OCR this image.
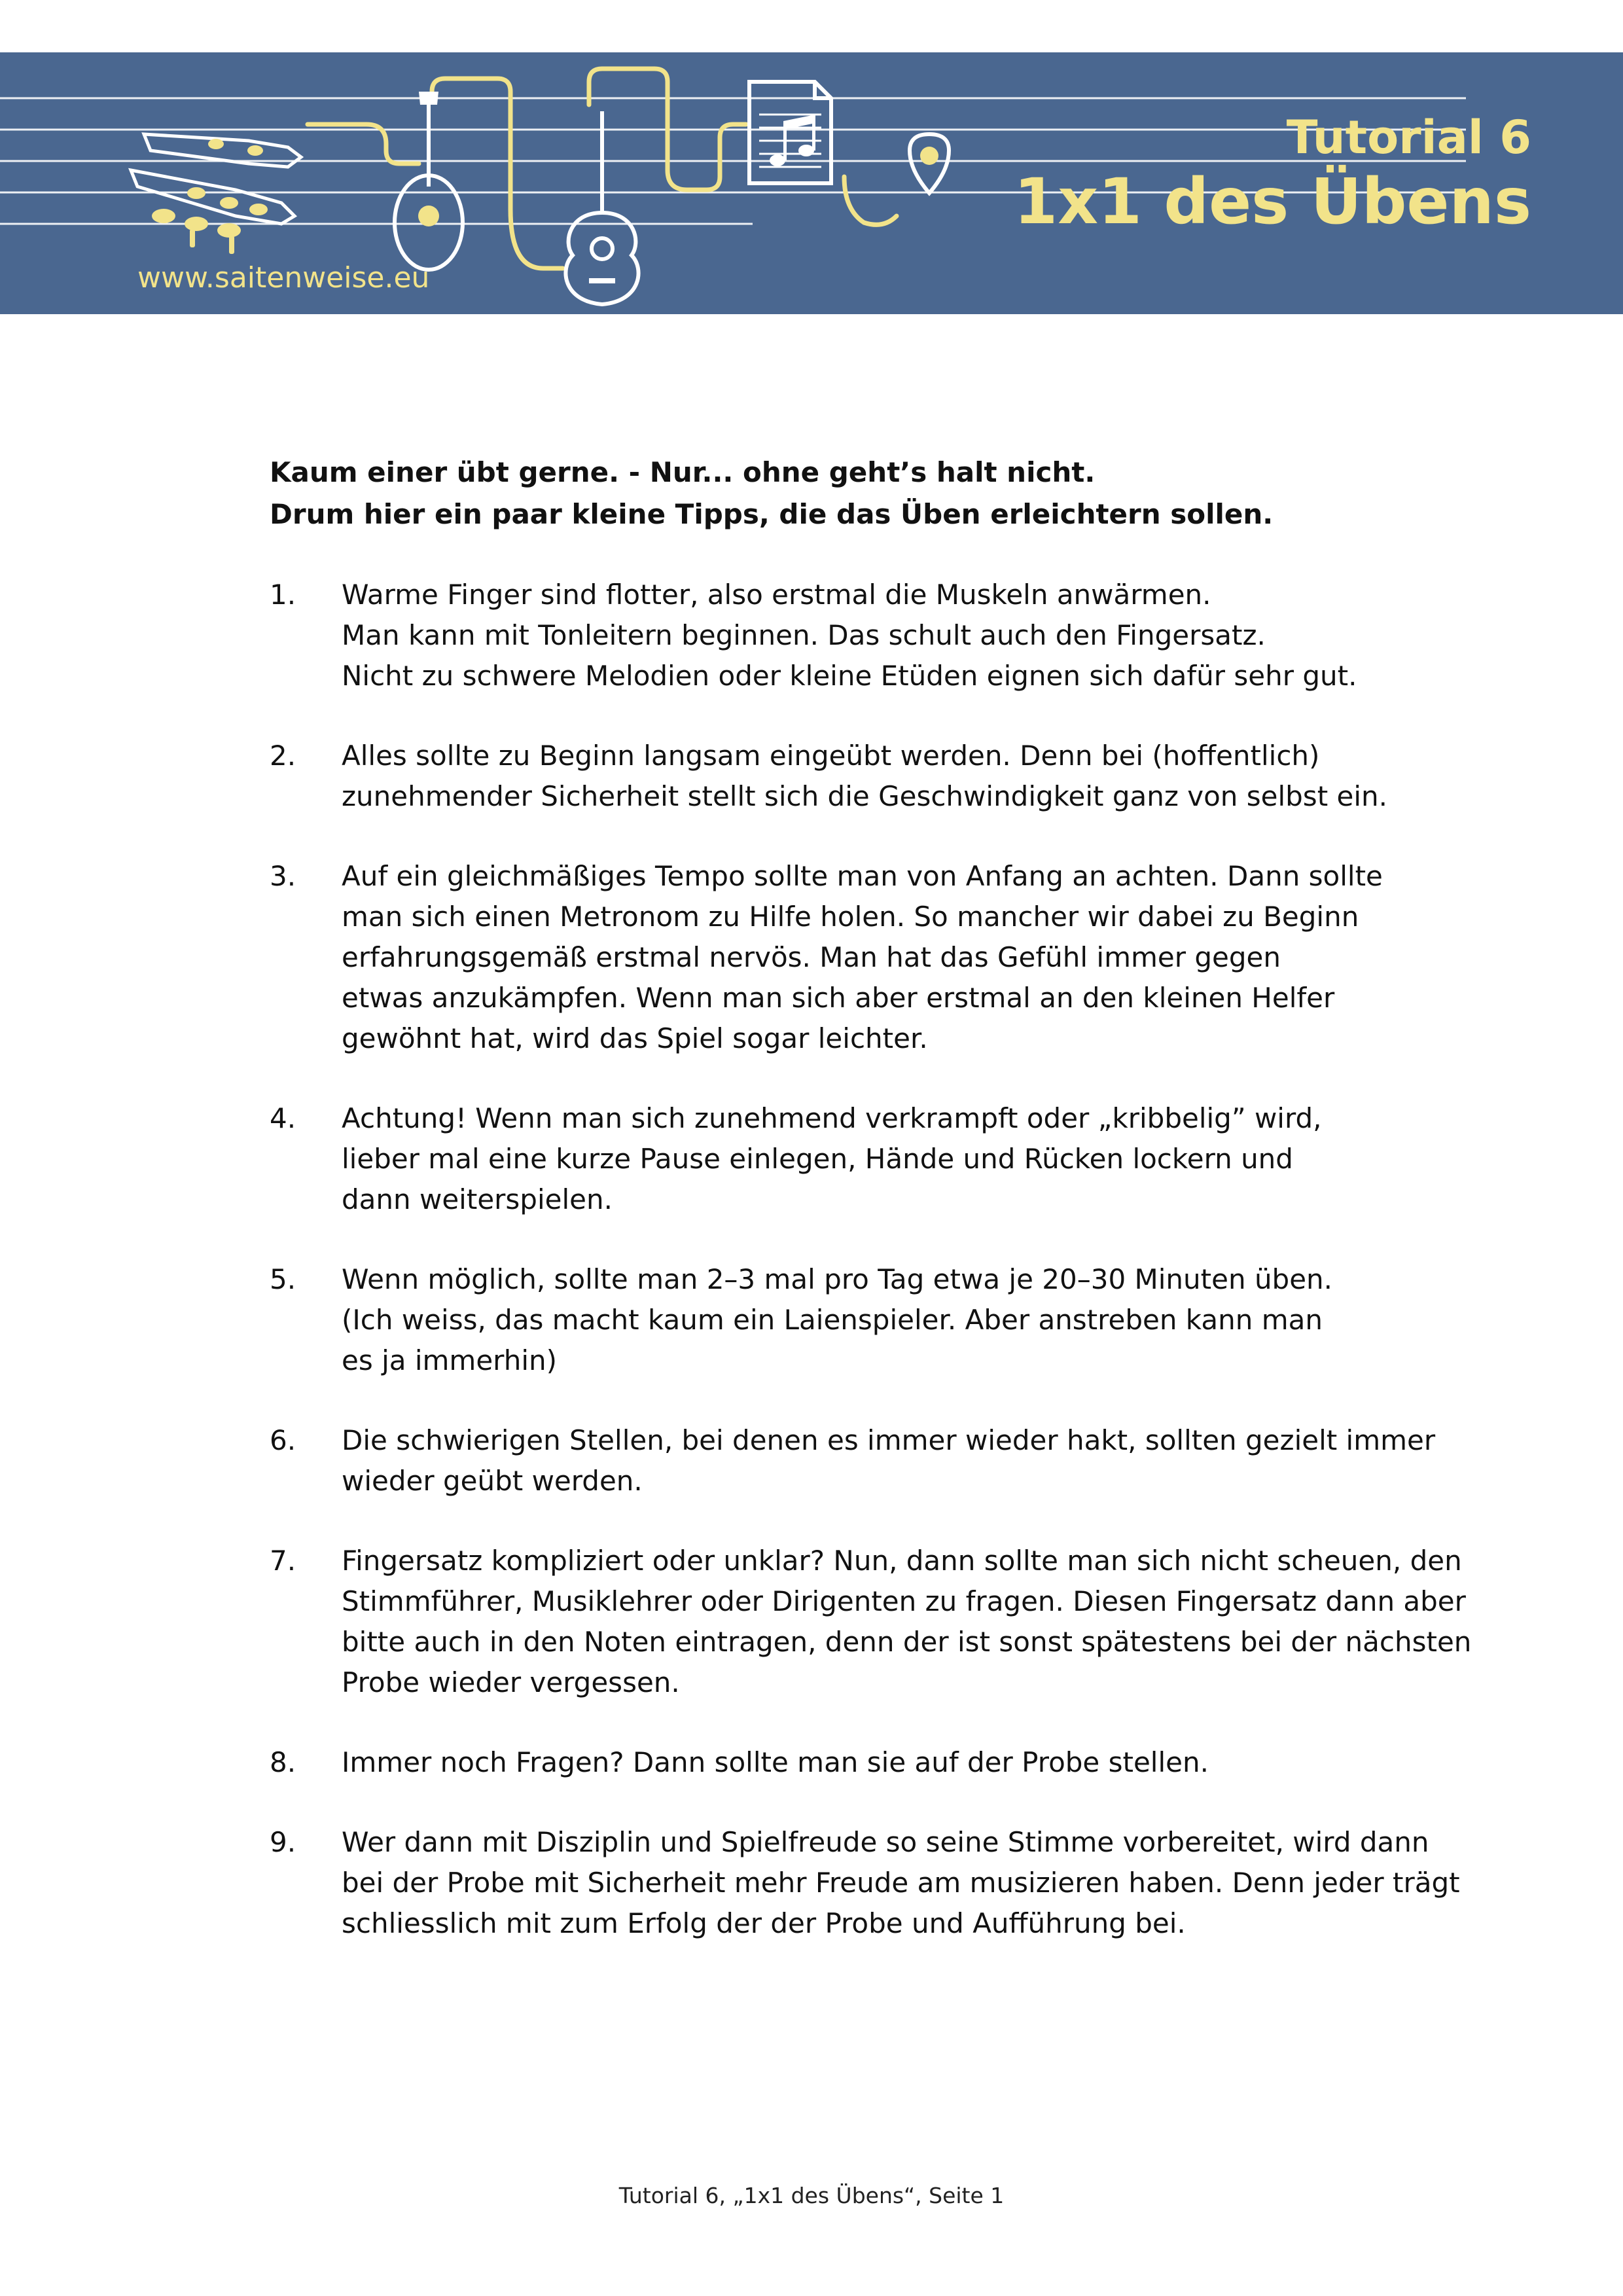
Tutorial 6
1x1 des Übens
www.saitenweise.eu

Kaum einer übt gerne. - Nur... ohne geht’s halt nicht.

Drum hier ein paar kleine Tipps, die das Üben erleichtern sollen.

1.	Warme Finger sind flotter, also erstmal die Muskeln anwärmen.
Man kann mit Tonleitern beginnen. Das schult auch den Fingersatz.
Nicht zu schwere Melodien oder kleine Etüden eignen sich dafür sehr gut.
2.	Alles sollte zu Beginn langsam eingeübt werden. Denn bei (hoffentlich)
zunehmender Sicherheit stellt sich die Geschwindigkeit ganz von selbst ein.
3.	Auf ein gleichmäßiges Tempo sollte man von Anfang an achten. Dann sollte
man sich einen Metronom zu Hilfe holen. So mancher wir dabei zu Beginn
erfahrungsgemäß erstmal nervös. Man hat das Gefühl immer gegen
etwas anzukämpfen. Wenn man sich aber erstmal an den kleinen Helfer
gewöhnt hat, wird das Spiel sogar leichter.
4.	Achtung! Wenn man sich zunehmend verkrampft oder „kribbelig” wird,
lieber mal eine kurze Pause einlegen, Hände und Rücken lockern und
dann weiterspielen.
5.	Wenn möglich, sollte man 2–3 mal pro Tag etwa je 20–30 Minuten üben.
(Ich weiss, das macht kaum ein Laienspieler. Aber anstreben kann man
es ja immerhin)
6.	Die schwierigen Stellen, bei denen es immer wieder hakt, sollten gezielt immer
wieder geübt werden.
7.	Fingersatz kompliziert oder unklar? Nun, dann sollte man sich nicht scheuen, den
Stimmführer, Musiklehrer oder Dirigenten zu fragen. Diesen Fingersatz dann aber
bitte auch in den Noten eintragen, denn der ist sonst spätestens bei der nächsten
Probe wieder vergessen.
8.	Immer noch Fragen? Dann sollte man sie auf der Probe stellen.
9.	Wer dann mit Disziplin und Spielfreude so seine Stimme vorbereitet, wird dann
bei der Probe mit Sicherheit mehr Freude am musizieren haben. Denn jeder trägt
schliesslich mit zum Erfolg der der Probe und Aufführung bei.
Tutorial 6, „1x1 des Übens“, Seite 1
